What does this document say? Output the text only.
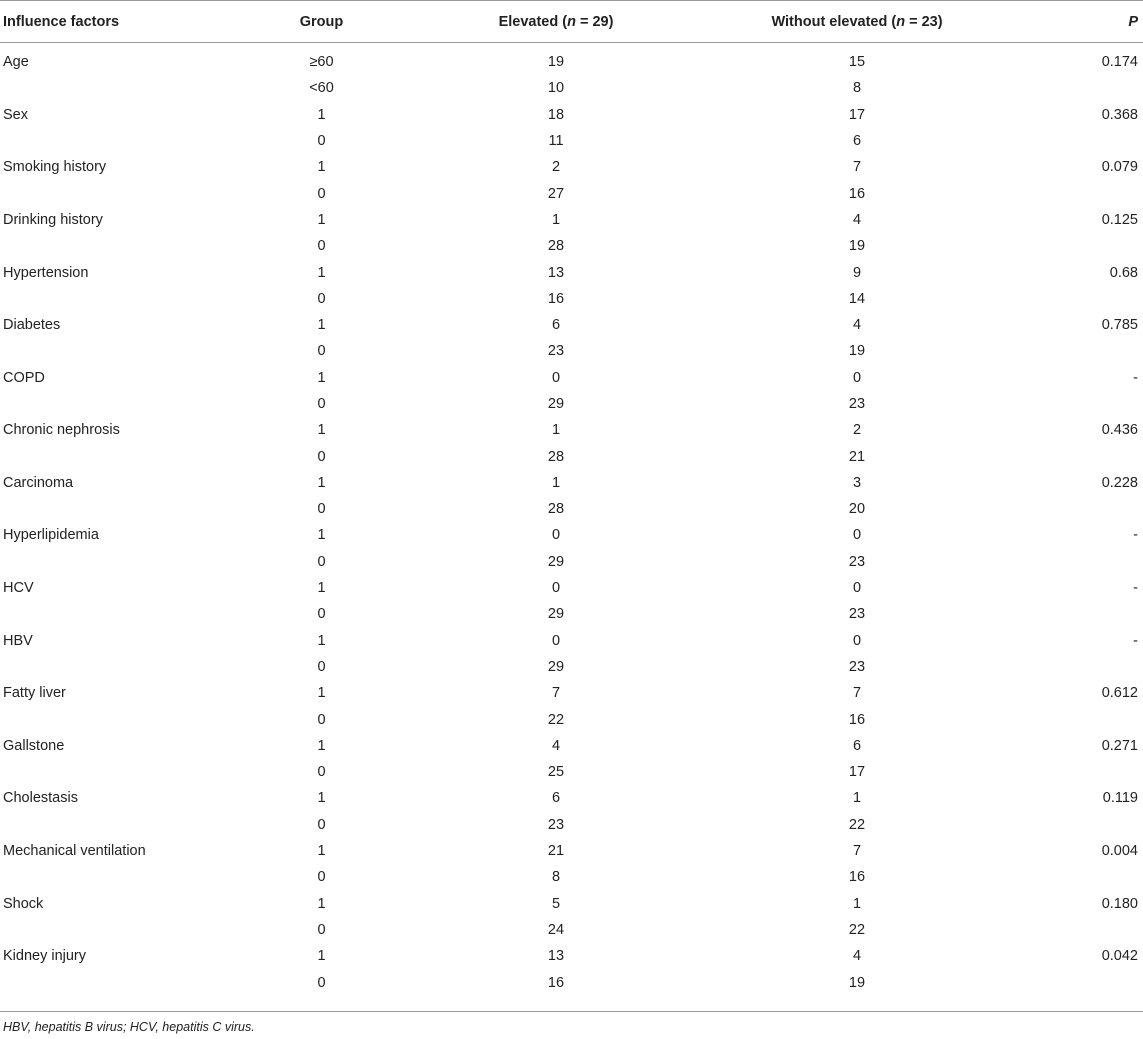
Influence factors	Group	Elevated (n = 29)	Without elevated (n = 23)	P
Age	≥60	19	15	0.174
	<60	10	8	
Sex	1	18	17	0.368
	0	11	6	
Smoking history	1	2	7	0.079
	0	27	16	
Drinking history	1	1	4	0.125
	0	28	19	
Hypertension	1	13	9	0.68
	0	16	14	
Diabetes	1	6	4	0.785
	0	23	19	
COPD	1	0	0	-
	0	29	23	
Chronic nephrosis	1	1	2	0.436
	0	28	21	
Carcinoma	1	1	3	0.228
	0	28	20	
Hyperlipidemia	1	0	0	-
	0	29	23	
HCV	1	0	0	-
	0	29	23	
HBV	1	0	0	-
	0	29	23	
Fatty liver	1	7	7	0.612
	0	22	16	
Gallstone	1	4	6	0.271
	0	25	17	
Cholestasis	1	6	1	0.119
	0	23	22	
Mechanical ventilation	1	21	7	0.004
	0	8	16	
Shock	1	5	1	0.180
	0	24	22	
Kidney injury	1	13	4	0.042
	0	16	19	
HBV, hepatitis B virus; HCV, hepatitis C virus.
